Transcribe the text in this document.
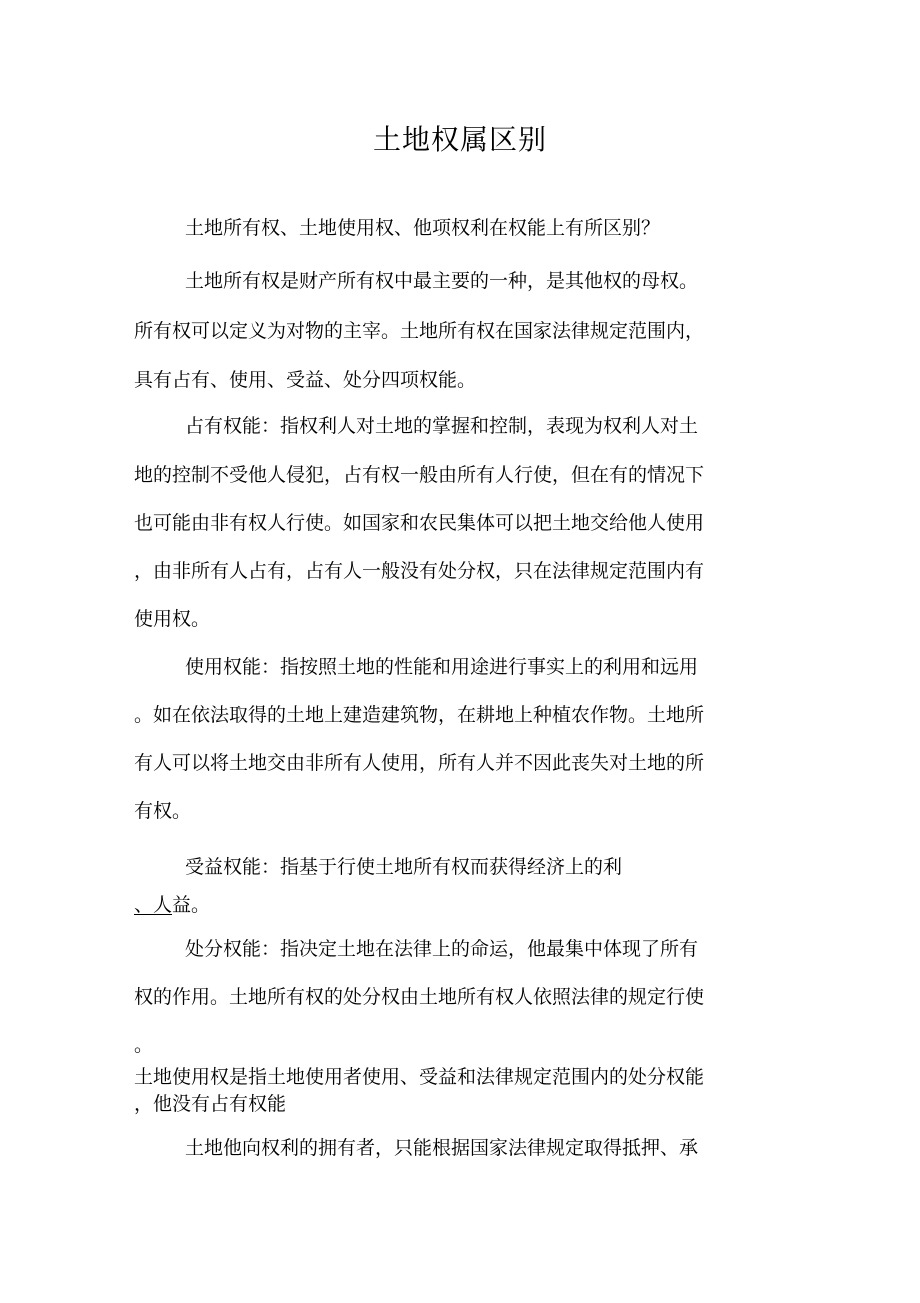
土地权属区别
土地所有权、土地使用权、他项权利在权能上有所区别？
土地所有权是财产所有权中最主要的一种，是其他权的母权。
所有权可以定义为对物的主宰。土地所有权在国家法律规定范围内，
具有占有、使用、受益、处分四项权能。
占有权能：指权利人对土地的掌握和控制，表现为权利人对土
地的控制不受他人侵犯，占有权一般由所有人行使，但在有的情况下
也可能由非有权人行使。如国家和农民集体可以把土地交给他人使用
，由非所有人占有，占有人一般没有处分权，只在法律规定范围内有
使用权。
使用权能：指按照土地的性能和用途进行事实上的利用和远用
。如在依法取得的土地上建造建筑物，在耕地上种植农作物。土地所
有人可以将土地交由非所有人使用，所有人并不因此丧失对土地的所
有权。
受益权能：指基于行使土地所有权而获得经济上的利
、人益。
处分权能：指决定土地在法律上的命运，他最集中体现了所有
权的作用。土地所有权的处分权由土地所有权人依照法律的规定行使
。
土地使用权是指土地使用者使用、受益和法律规定范围内的处分权能
，他没有占有权能
土地他向权利的拥有者，只能根据国家法律规定取得抵押、承
